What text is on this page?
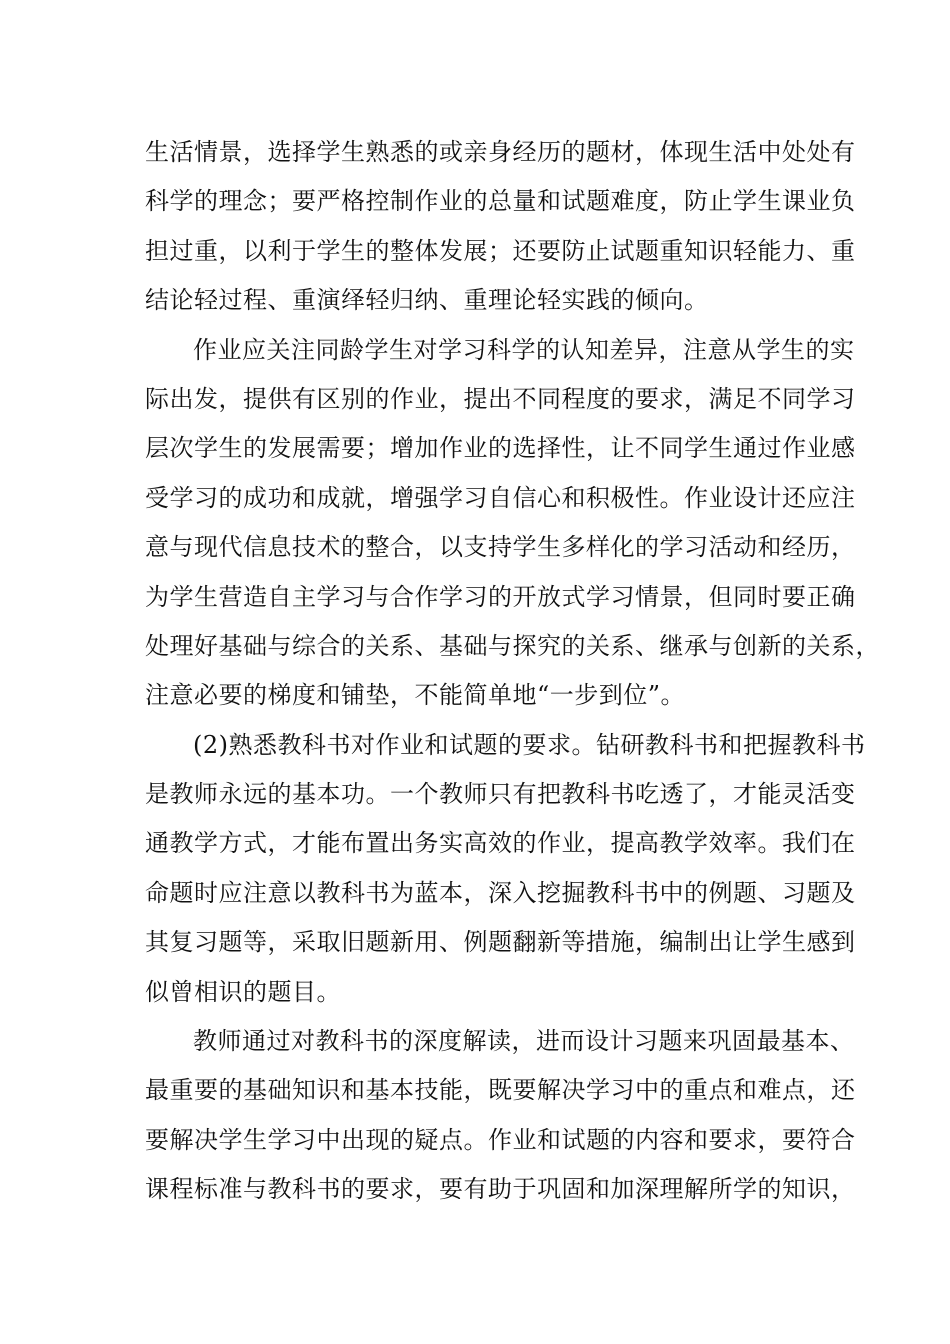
生活情景，选择学生熟悉的或亲身经历的题材，体现生活中处处有
科学的理念；要严格控制作业的总量和试题难度，防止学生课业负
担过重，以利于学生的整体发展；还要防止试题重知识轻能力、重
结论轻过程、重演绎轻归纳、重理论轻实践的倾向。
作业应关注同龄学生对学习科学的认知差异，注意从学生的实
际出发，提供有区别的作业，提出不同程度的要求，满足不同学习
层次学生的发展需要；增加作业的选择性，让不同学生通过作业感
受学习的成功和成就，增强学习自信心和积极性。作业设计还应注
意与现代信息技术的整合，以支持学生多样化的学习活动和经历，
为学生营造自主学习与合作学习的开放式学习情景，但同时要正确
处理好基础与综合的关系、基础与探究的关系、继承与创新的关系，
注意必要的梯度和铺垫，不能简单地“一步到位”。
(2)熟悉教科书对作业和试题的要求。钻研教科书和把握教科书
是教师永远的基本功。一个教师只有把教科书吃透了，才能灵活变
通教学方式，才能布置出务实高效的作业，提高教学效率。我们在
命题时应注意以教科书为蓝本，深入挖掘教科书中的例题、习题及
其复习题等，采取旧题新用、例题翻新等措施，编制出让学生感到
似曾相识的题目。
教师通过对教科书的深度解读，进而设计习题来巩固最基本、
最重要的基础知识和基本技能，既要解决学习中的重点和难点，还
要解决学生学习中出现的疑点。作业和试题的内容和要求，要符合
课程标准与教科书的要求，要有助于巩固和加深理解所学的知识，
